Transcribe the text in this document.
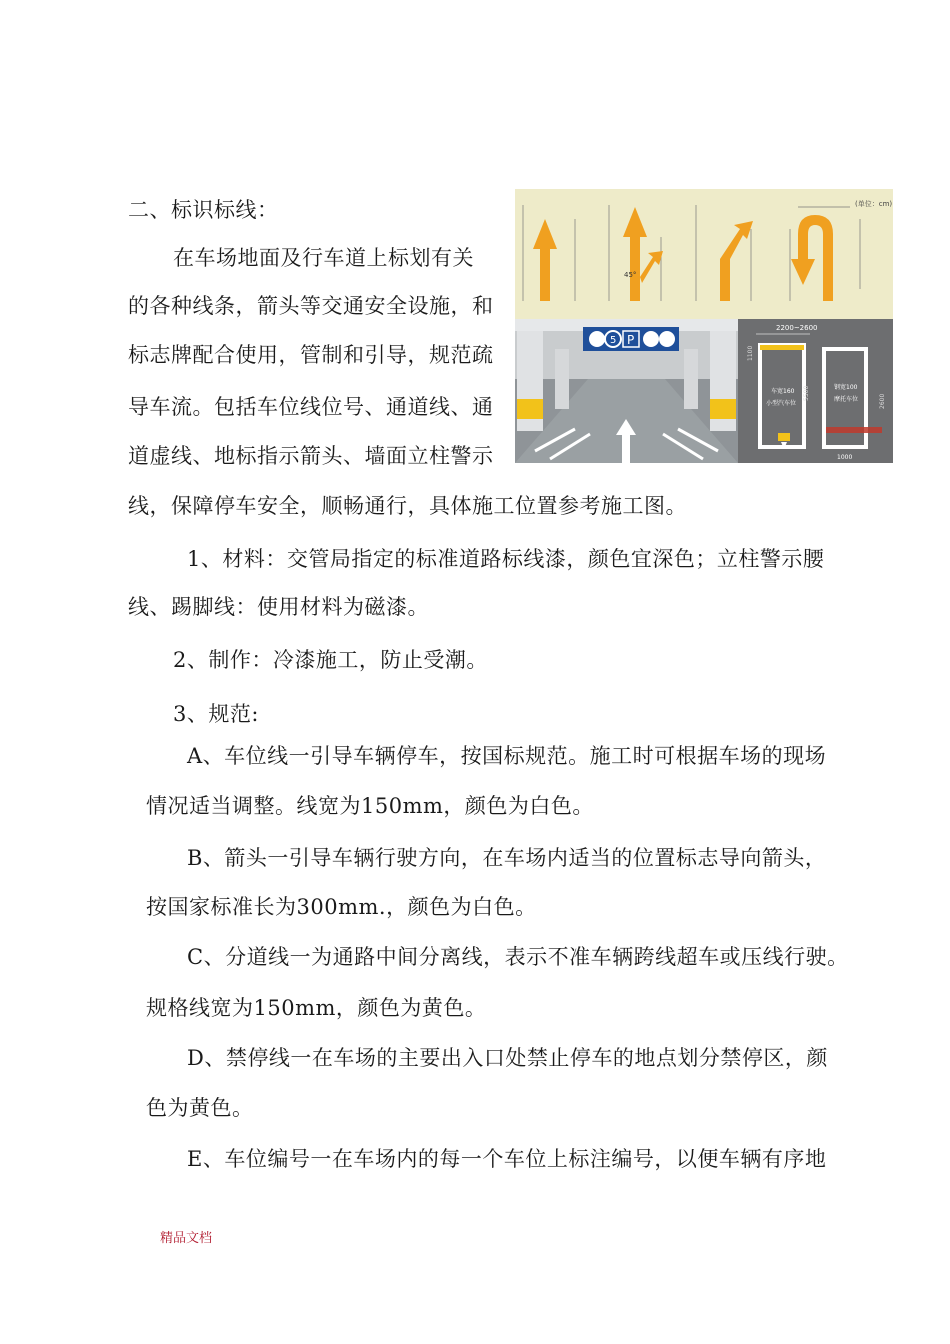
二、标识标线：
在车场地面及行车道上标划有关
的各种线条，箭头等交通安全设施，和
标志牌配合使用，管制和引导，规范疏
导车流。包括车位线位号、通道线、通
道虚线、地标指示箭头、墙面立柱警示
线，保障停车安全，顺畅通行，具体施工位置参考施工图。
1、材料：交管局指定的标准道路标线漆，颜色宜深色；立柱警示腰
线、踢脚线：使用材料为磁漆。
2、制作：冷漆施工，防止受潮。
3、规范:
A、车位线一引导车辆停车，按国标规范。施工时可根据车场的现场
情况适当调整。线宽为150mm，颜色为白色。
B、箭头一引导车辆行驶方向，在车场内适当的位置标志导向箭头，
按国家标准长为300mm.，颜色为白色。
C、分道线一为通路中间分离线，表示不准车辆跨线超车或压线行驶。
规格线宽为150mm，颜色为黄色。
D、禁停线一在车场的主要出入口处禁止停车的地点划分禁停区，颜
色为黄色。
E、车位编号一在车场内的每一个车位上标注编号，以便车辆有序地
精品文档
(单位：cm)
45°
5 P
2200~2600
车宽160
小型汽车位
5500	钢宽100
摩托车位
1000
2600
1100
